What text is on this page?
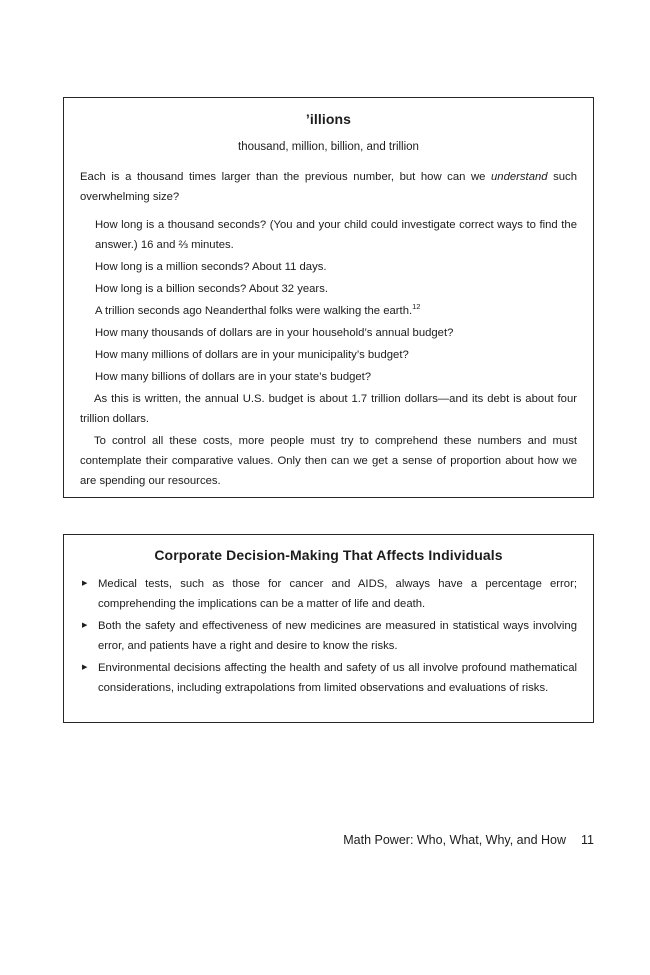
’illions
thousand, million, billion, and trillion

Each is a thousand times larger than the previous number, but how can we understand such overwhelming size?

How long is a thousand seconds? (You and your child could investigate correct ways to find the answer.) 16 and ⅔ minutes.

How long is a million seconds? About 11 days.

How long is a billion seconds? About 32 years.

A trillion seconds ago Neanderthal folks were walking the earth.$^{12}$

How many thousands of dollars are in your household’s annual budget?

How many millions of dollars are in your municipality’s budget?

How many billions of dollars are in your state’s budget?

As this is written, the annual U.S. budget is about 1.7 trillion dollars—and its debt is about four trillion dollars.

To control all these costs, more people must try to comprehend these numbers and must contemplate their comparative values. Only then can we get a sense of proportion about how we are spending our resources.

Corporate Decision-Making That Affects Individuals
▶ Medical tests, such as those for cancer and AIDS, always have a percentage error; comprehending the implications can be a matter of life and death.
▶ Both the safety and effectiveness of new medicines are measured in statistical ways involving error, and patients have a right and desire to know the risks.
▶ Environmental decisions affecting the health and safety of us all involve profound mathematical considerations, including extrapolations from limited observations and evaluations of risks.
Math Power: Who, What, Why, and How 11
